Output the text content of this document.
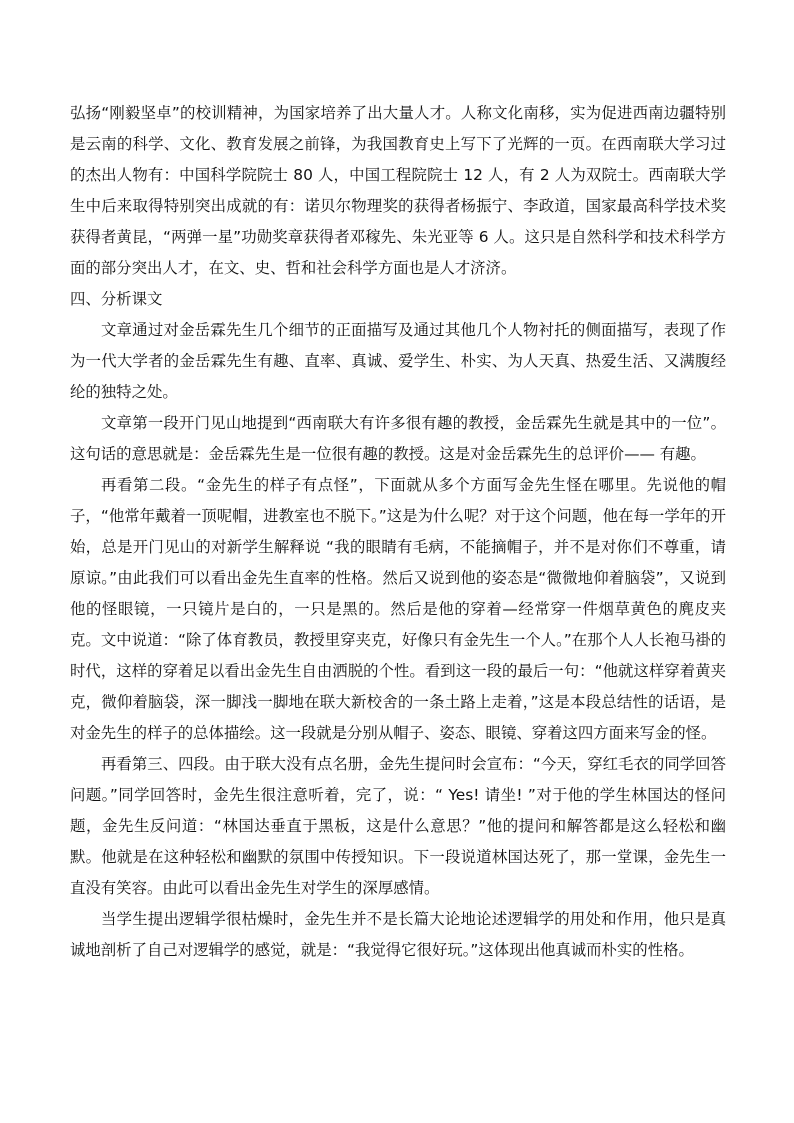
弘扬“刚毅坚卓”的校训精神，为国家培养了出大量人才。人称文化南移，实为促进西南边疆特别是云南的科学、文化、教育发展之前锋，为我国教育史上写下了光辉的一页。在西南联大学习过的杰出人物有：中国科学院院士 80 人，中国工程院院士 12 人，有 2 人为双院士。西南联大学生中后来取得特别突出成就的有：诺贝尔物理奖的获得者杨振宁、李政道，国家最高科学技术奖获得者黄昆，“两弹一星”功勋奖章获得者邓稼先、朱光亚等 6 人。这只是自然科学和技术科学方面的部分突出人才，在文、史、哲和社会科学方面也是人才济济。

四、分析课文

文章通过对金岳霖先生几个细节的正面描写及通过其他几个人物衬托的侧面描写，表现了作为一代大学者的金岳霖先生有趣、直率、真诚、爱学生、朴实、为人天真、热爱生活、又满腹经纶的独特之处。

文章第一段开门见山地提到“西南联大有许多很有趣的教授，金岳霖先生就是其中的一位”。这句话的意思就是：金岳霖先生是一位很有趣的教授。这是对金岳霖先生的总评价—— 有趣。

再看第二段。“金先生的样子有点怪”，下面就从多个方面写金先生怪在哪里。先说他的帽子，“他常年戴着一顶呢帽，进教室也不脱下。”这是为什么呢？对于这个问题，他在每一学年的开始，总是开门见山的对新学生解释说 “我的眼睛有毛病，不能摘帽子，并不是对你们不尊重，请原谅。”由此我们可以看出金先生直率的性格。然后又说到他的姿态是“微微地仰着脑袋”，又说到他的怪眼镜，一只镜片是白的，一只是黑的。然后是他的穿着—经常穿一件烟草黄色的麂皮夹克。文中说道：“除了体育教员，教授里穿夹克，好像只有金先生一个人。”在那个人人长袍马褂的时代，这样的穿着足以看出金先生自由洒脱的个性。看到这一段的最后一句：“他就这样穿着黄夹克，微仰着脑袋，深一脚浅一脚地在联大新校舍的一条土路上走着，”这是本段总结性的话语，是对金先生的样子的总体描绘。这一段就是分别从帽子、姿态、眼镜、穿着这四方面来写金的怪。

再看第三、四段。由于联大没有点名册，金先生提问时会宣布：“今天，穿红毛衣的同学回答问题。”同学回答时，金先生很注意听着，完了，说：“ Yes! 请坐! ”对于他的学生林国达的怪问题，金先生反问道：“林国达垂直于黑板，这是什么意思？”他的提问和解答都是这么轻松和幽默。他就是在这种轻松和幽默的氛围中传授知识。下一段说道林国达死了，那一堂课，金先生一直没有笑容。由此可以看出金先生对学生的深厚感情。

当学生提出逻辑学很枯燥时，金先生并不是长篇大论地论述逻辑学的用处和作用，他只是真诚地剖析了自己对逻辑学的感觉，就是：“我觉得它很好玩。”这体现出他真诚而朴实的性格。
